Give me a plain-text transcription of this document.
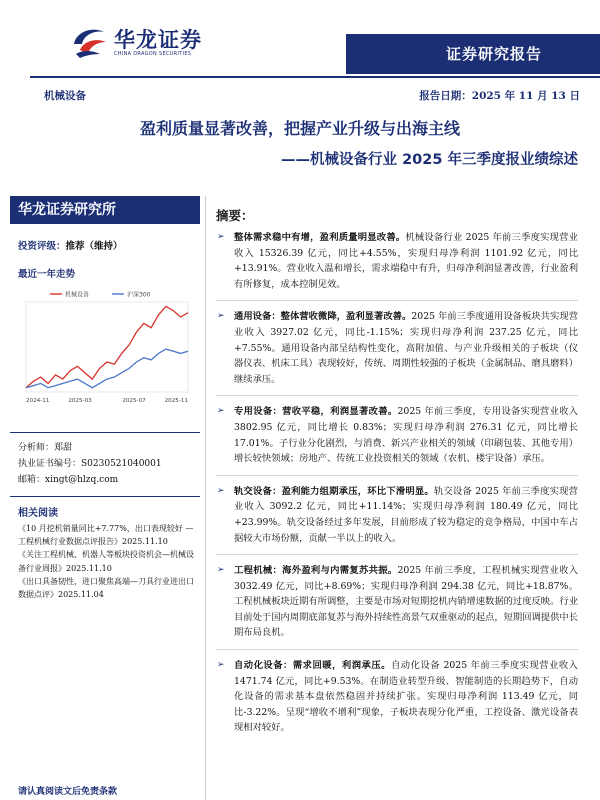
华龙证券
CHINA DRAGON SECURITIES	证券研究报告
机械设备	报告日期：2025 年 11 月 13 日
盈利质量显著改善，把握产业升级与出海主线
——机械设备行业 2025 年三季度报业绩综述
华龙证券研究所
投资评级：推荐（维持）
最近一年走势
机械设备	沪深300
2024-11	2025-03	2025-07	2025-11
分析师：郑甜
执业证书编号：S0230521040001
邮箱：xingt@hlzq.com
相关阅读
《10 月挖机销量同比+7.77%，出口表现较好 —工程机械行业数据点评报告》2025.11.10
《关注工程机械、机器人等板块投资机会—机械设备行业周报》2025.11.10
《出口具备韧性，进口聚焦高端—刀具行业进出口数据点评》2025.11.04
请认真阅读文后免责条款
摘要：
➢ 整体需求稳中有增，盈利质量明显改善。机械设备行业 2025 年前三季度实现营业收入 15326.39 亿元，同比+4.55%，实现归母净利润 1101.92 亿元，同比+13.91%。营业收入温和增长，需求端稳中有升，归母净利润显著改善，行业盈利有所修复，成本控制见效。
➢ 通用设备：整体营收微降，盈利显著改善。2025 年前三季度通用设备板块共实现营业收入 3927.02 亿元，同比-1.15%；实现归母净利润 237.25 亿元，同比+7.55%。通用设备内部呈结构性变化，高附加值、与产业升级相关的子板块（仪器仪表、机床工具）表现较好，传统、周期性较强的子板块（金属制品、磨具磨料）继续承压。
➢ 专用设备：营收平稳，利润显著改善。2025 年前三季度，专用设备实现营业收入 3802.95 亿元，同比增长 0.83%；实现归母净利润 276.31 亿元，同比增长 17.01%。子行业分化剧烈，与消费、新兴产业相关的领域（印刷包装、其他专用）增长较快领域；房地产、传统工业投资相关的领域（农机、楼宇设备）承压。
➢ 轨交设备：盈利能力组期承压，环比下滑明显。轨交设备 2025 年前三季度实现营业收入 3092.2 亿元，同比+11.14%；实现归母净利润 180.49 亿元，同比+23.99%。轨交设备经过多年发展，目前形成了较为稳定的竞争格局，中国中车占据较大市场份额，贡献一半以上的收入。
➢ 工程机械：海外盈利与内需复苏共振。2025 年前三季度，工程机械实现营业收入 3032.49 亿元，同比+8.69%；实现归母净利润 294.38 亿元，同比+18.87%。工程机械板块近期有所调整，主要是市场对短期挖机内销增速数据的过度反映。行业目前处于国内周期底部复苏与海外持续性高景气双重驱动的起点，短期回调提供中长期布局良机。
➢ 自动化设备：需求回暖，利润承压。自动化设备 2025 年前三季度实现营业收入 1471.74 亿元，同比+9.53%。在制造业转型升级、智能制造的长期趋势下，自动化设备的需求基本盘依然稳固并持续扩张。实现归母净利润 113.49 亿元，同比-3.22%。呈现“增收不增利”现象，子板块表现分化严重，工控设备、激光设备表现相对较好。
